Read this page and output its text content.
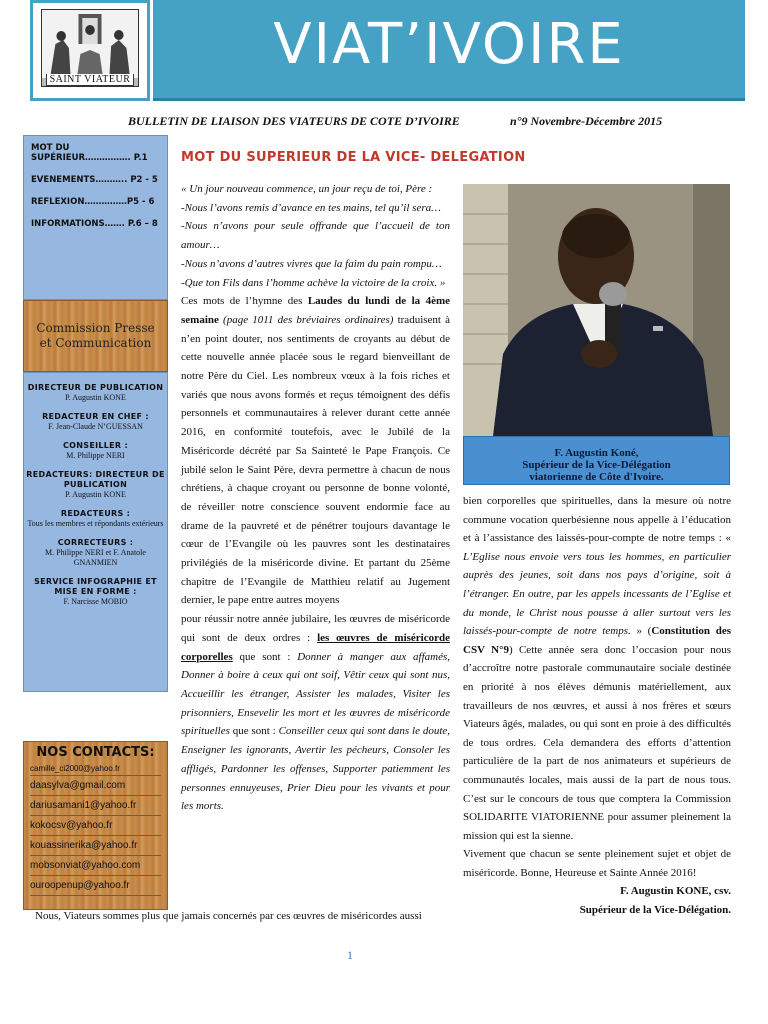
SAINT VIATEUR
VIAT’IVOIRE
BULLETIN DE LIAISON DES VIATEURS DE COTE D’IVOIRE	n°9 Novembre-Décembre 2015
MOT DU SUPÉRIEUR……………. P.1
EVENEMENTS……….. P2 - 5
REFLEXION……………P5 - 6
INFORMATIONS……. P.6 – 8
Commission Presse
et Communication
DIRECTEUR DE PUBLICATION
P. Augustin KONE
REDACTEUR EN CHEF :
F. Jean-Claude N’GUESSAN
CONSEILLER :
M. Philippe NERI
REDACTEURS: DIRECTEUR DE PUBLICATION
P. Augustin KONE
REDACTEURS :
Tous les membres et répondants extérieurs
CORRECTEURS :
M. Philippe NERI et F. Anatole GNANMIEN
SERVICE INFOGRAPHIE ET MISE EN FORME :
F. Narcisse MOBIO
NOS CONTACTS:
camille_ci2000@yahoo.fr
daasylva@gmail.com
dariusamani1@yahoo.fr
kokocsv@yahoo.fr
kouassinerika@yahoo.fr
mobsonviat@yahoo.com
ouroopenup@yahoo.fr
MOT DU SUPERIEUR DE LA VICE- DELEGATION

« Un jour nouveau commence, un jour reçu de toi, Père :

-Nous l’avons remis d’avance en tes mains, tel qu’il sera…

-Nous n’avons pour seule offrande que l’accueil de ton amour…

-Nous n’avons d’autres vivres que la faim du pain rompu…

-Que ton Fils dans l’homme achève la victoire de la croix. »

Ces mots de l’hymne des Laudes du lundi de la 4ème semaine (page 1011 des bréviaires ordinaires) traduisent à n’en point douter, nos sentiments de croyants au début de cette nouvelle année placée sous le regard bienveillant de notre Père du Ciel. Les nombreux vœux à la fois riches et variés que nous avons formés et reçus témoignent des défis personnels et communautaires à relever durant cette année 2016, en conformité toutefois, avec le Jubilé de la Miséricorde décrété par Sa Sainteté le Pape François. Ce jubilé selon le Saint Père, devra permettre à chacun de nous chrétiens, à chaque croyant ou personne de bonne volonté, de réveiller notre conscience souvent endormie face au drame de la pauvreté et de pénétrer toujours davantage le cœur de l’Evangile où les pauvres sont les destinataires privilégiés de la miséricorde divine. Et partant du 25ème chapitre de l’Evangile de Matthieu relatif au Jugement dernier, le pape entre autres moyens

pour réussir notre année jubilaire, les œuvres de miséricorde qui sont de deux ordres : les œuvres de miséricorde corporelles que sont : Donner à manger aux affamés, Donner à boire à ceux qui ont soif, Vêtir ceux qui sont nus, Accueillir les étranger, Assister les malades, Visiter les prisonniers, Ensevelir les mort et les œuvres de miséricorde spirituelles que sont : Conseiller ceux qui sont dans le doute, Enseigner les ignorants, Avertir les pécheurs, Consoler les affligés, Pardonner les offenses, Supporter patiemment les personnes ennuyeuses, Prier Dieu pour les vivants et pour les morts.

F. Augustin Koné,
Supérieur de la Vice-Délégation
viatorienne de Côte d'Ivoire.

bien corporelles que spirituelles, dans la mesure où notre commune vocation querbésienne nous appelle à l’éducation et à l’assistance des laissés-pour-compte de notre temps : « L’Eglise nous envoie vers tous les hommes, en particulier auprès des jeunes, soit dans nos pays d’origine, soit à l’étranger. En outre, par les appels incessants de l’Eglise et du monde, le Christ nous pousse à aller surtout vers les laissés-pour-compte de notre temps. » (Constitution des CSV N°9) Cette année sera donc l’occasion pour nous d’accroître notre pastorale communautaire sociale destinée en priorité à nos élèves démunis matériellement, aux travailleurs de nos œuvres, et aussi à nos frères et sœurs Viateurs âgés, malades, ou qui sont en proie à des difficultés de tous ordres. Cela demandera des efforts d’attention particulière de la part de nos animateurs et supérieurs de communautés locales, mais aussi de la part de nous tous. C’est sur le concours de tous que comptera la Commission SOLIDARITE VIATORIENNE pour assumer pleinement la mission qui est la sienne.

Vivement que chacun se sente pleinement sujet et objet de miséricorde. Bonne, Heureuse et Sainte Année 2016!

F. Augustin KONE, csv.

Supérieur de la Vice-Délégation.

Nous, Viateurs sommes plus que jamais concernés par ces œuvres de miséricordes aussi
1
